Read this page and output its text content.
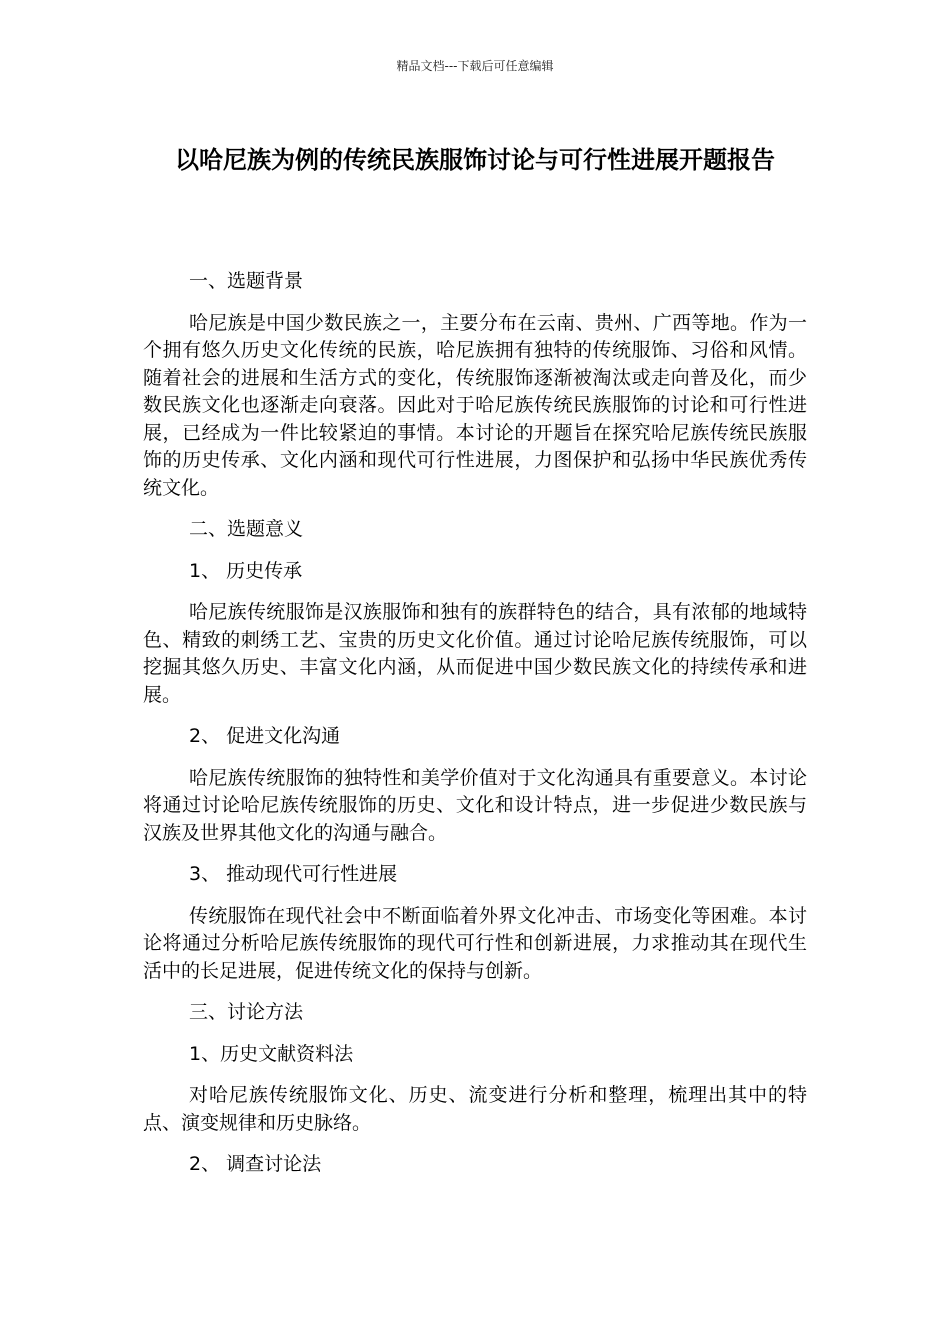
精品文档---下载后可任意编辑
以哈尼族为例的传统民族服饰讨论与可行性进展开题报告

一、选题背景

哈尼族是中国少数民族之一，主要分布在云南、贵州、广西等地。作为一个拥有悠久历史文化传统的民族，哈尼族拥有独特的传统服饰、习俗和风情。随着社会的进展和生活方式的变化，传统服饰逐渐被淘汰或走向普及化，而少数民族文化也逐渐走向衰落。因此对于哈尼族传统民族服饰的讨论和可行性进展，已经成为一件比较紧迫的事情。本讨论的开题旨在探究哈尼族传统民族服饰的历史传承、文化内涵和现代可行性进展，力图保护和弘扬中华民族优秀传统文化。

二、选题意义

1、 历史传承

哈尼族传统服饰是汉族服饰和独有的族群特色的结合，具有浓郁的地域特色、精致的刺绣工艺、宝贵的历史文化价值。通过讨论哈尼族传统服饰，可以挖掘其悠久历史、丰富文化内涵，从而促进中国少数民族文化的持续传承和进展。

2、 促进文化沟通

哈尼族传统服饰的独特性和美学价值对于文化沟通具有重要意义。本讨论将通过讨论哈尼族传统服饰的历史、文化和设计特点，进一步促进少数民族与汉族及世界其他文化的沟通与融合。

3、 推动现代可行性进展

传统服饰在现代社会中不断面临着外界文化冲击、市场变化等困难。本讨论将通过分析哈尼族传统服饰的现代可行性和创新进展，力求推动其在现代生活中的长足进展，促进传统文化的保持与创新。

三、讨论方法

1、历史文献资料法

对哈尼族传统服饰文化、历史、流变进行分析和整理，梳理出其中的特点、演变规律和历史脉络。

2、 调查讨论法
